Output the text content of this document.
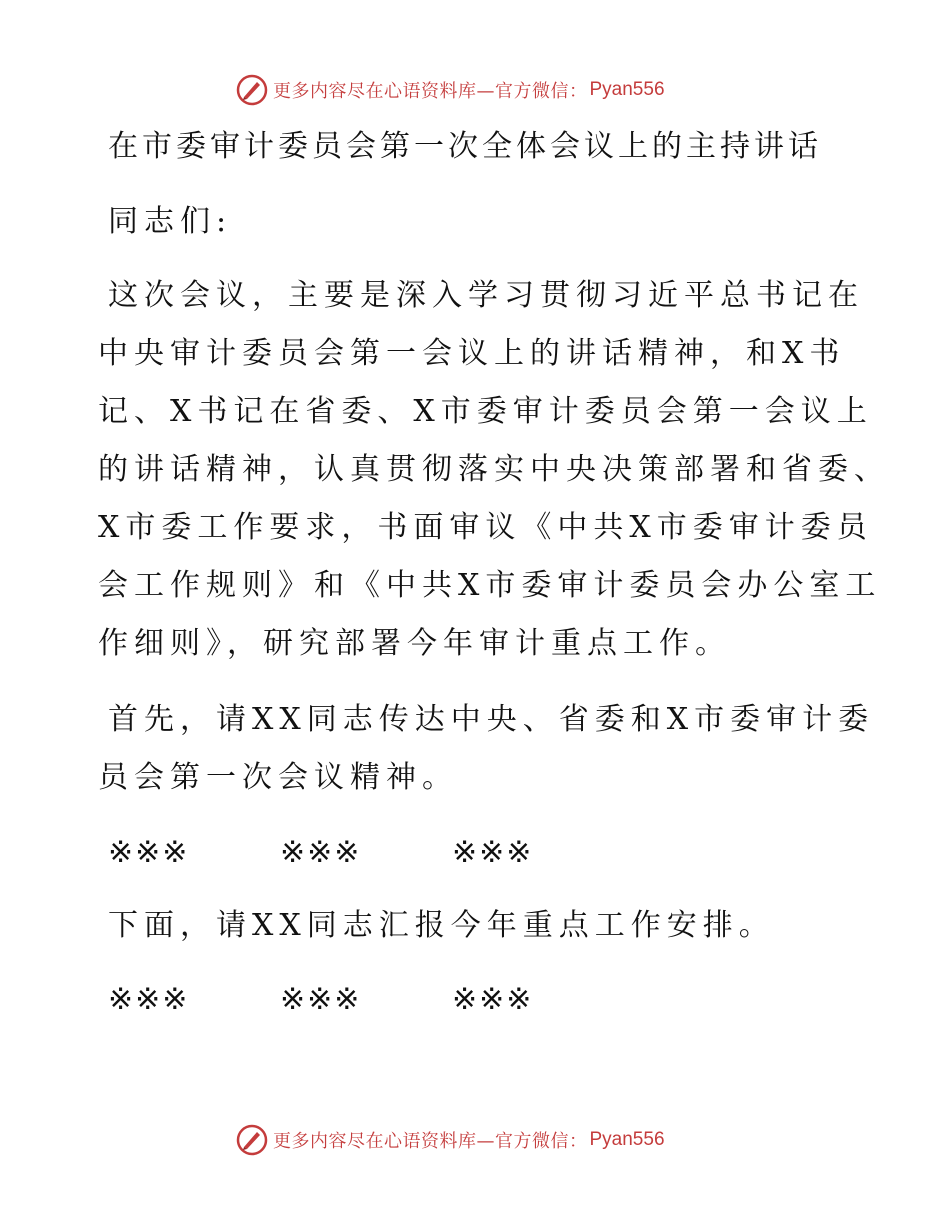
更多内容尽在心语资料库—官方微信： Pyan556
在市委审计委员会第一次全体会议上的主持讲话
同志们:
这次会议，主要是深入学习贯彻习近平总书记在
中央审计委员会第一会议上的讲话精神，和X书
记、X书记在省委、X市委审计委员会第一会议上
的讲话精神，认真贯彻落实中央决策部署和省委、
X市委工作要求，书面审议《中共X市委审计委员
会工作规则》和《中共X市委审计委员会办公室工
作细则》，研究部署今年审计重点工作。
首先，请XX同志传达中央、省委和X市委审计委
员会第一次会议精神。
※※※	※※※	※※※
下面，请XX同志汇报今年重点工作安排。
※※※	※※※	※※※
更多内容尽在心语资料库—官方微信： Pyan556
